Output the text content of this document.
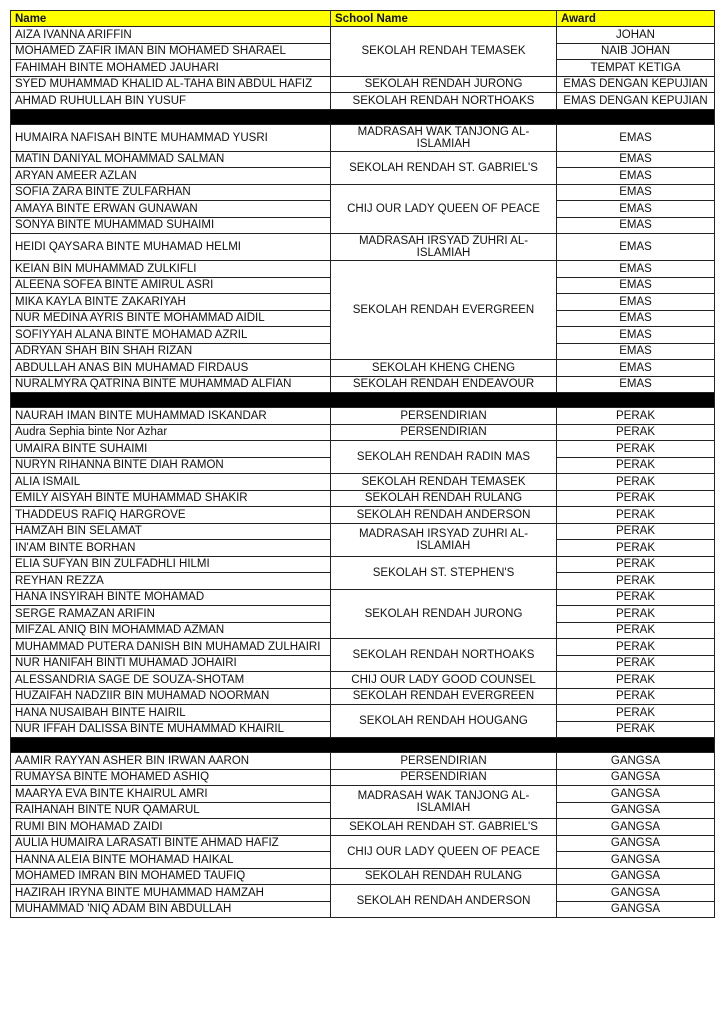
Name	School Name	Award
AIZA IVANNA ARIFFIN	SEKOLAH RENDAH TEMASEK	JOHAN
MOHAMED ZAFIR IMAN BIN MOHAMED SHARAEL		NAIB JOHAN
FAHIMAH BINTE MOHAMED JAUHARI		TEMPAT KETIGA
SYED MUHAMMAD KHALID AL-TAHA BIN ABDUL HAFIZ	SEKOLAH RENDAH JURONG	EMAS DENGAN KEPUJIAN
AHMAD RUHULLAH BIN YUSUF	SEKOLAH RENDAH NORTHOAKS	EMAS DENGAN KEPUJIAN

HUMAIRA NAFISAH BINTE MUHAMMAD YUSRI	MADRASAH WAK TANJONG AL-ISLAMIAH	EMAS
MATIN DANIYAL MOHAMMAD SALMAN	SEKOLAH RENDAH ST. GABRIEL'S	EMAS
ARYAN AMEER AZLAN		EMAS
SOFIA ZARA BINTE ZULFARHAN	CHIJ OUR LADY QUEEN OF PEACE	EMAS
AMAYA BINTE ERWAN GUNAWAN		EMAS
SONYA BINTE MUHAMMAD SUHAIMI		EMAS
HEIDI QAYSARA BINTE MUHAMAD HELMI	MADRASAH IRSYAD ZUHRI AL-ISLAMIAH	EMAS
KEIAN BIN MUHAMMAD ZULKIFLI	SEKOLAH RENDAH EVERGREEN	EMAS
ALEENA SOFEA BINTE AMIRUL ASRI		EMAS
MIKA KAYLA BINTE ZAKARIYAH		EMAS
NUR MEDINA AYRIS BINTE MOHAMMAD AIDIL		EMAS
SOFIYYAH ALANA BINTE MOHAMAD AZRIL		EMAS
ADRYAN SHAH BIN SHAH RIZAN		EMAS
ABDULLAH ANAS BIN MUHAMAD FIRDAUS	SEKOLAH KHENG CHENG	EMAS
NURALMYRA QATRINA BINTE MUHAMMAD ALFIAN	SEKOLAH RENDAH ENDEAVOUR	EMAS

NAURAH IMAN BINTE MUHAMMAD ISKANDAR	PERSENDIRIAN	PERAK
Audra Sephia binte Nor Azhar	PERSENDIRIAN	PERAK
UMAIRA BINTE SUHAIMI	SEKOLAH RENDAH RADIN MAS	PERAK
NURYN RIHANNA BINTE DIAH RAMON		PERAK
ALIA ISMAIL	SEKOLAH RENDAH TEMASEK	PERAK
EMILY AISYAH BINTE MUHAMMAD SHAKIR	SEKOLAH RENDAH RULANG	PERAK
THADDEUS RAFIQ HARGROVE	SEKOLAH RENDAH ANDERSON	PERAK
HAMZAH BIN SELAMAT	MADRASAH IRSYAD ZUHRI AL-ISLAMIAH	PERAK
IN'AM BINTE BORHAN		PERAK
ELIA SUFYAN BIN ZULFADHLI HILMI	SEKOLAH ST. STEPHEN'S	PERAK
REYHAN REZZA		PERAK
HANA INSYIRAH BINTE MOHAMAD	SEKOLAH RENDAH JURONG	PERAK
SERGE RAMAZAN ARIFIN		PERAK
MIFZAL ANIQ BIN MOHAMMAD AZMAN		PERAK
MUHAMMAD PUTERA DANISH BIN MUHAMAD ZULHAIRI	SEKOLAH RENDAH NORTHOAKS	PERAK
NUR HANIFAH BINTI MUHAMAD JOHAIRI		PERAK
ALESSANDRIA SAGE DE SOUZA-SHOTAM	CHIJ OUR LADY GOOD COUNSEL	PERAK
HUZAIFAH NADZIIR BIN MUHAMAD NOORMAN	SEKOLAH RENDAH EVERGREEN	PERAK
HANA NUSAIBAH BINTE HAIRIL	SEKOLAH RENDAH HOUGANG	PERAK
NUR IFFAH DALISSA BINTE MUHAMMAD KHAIRIL		PERAK

AAMIR RAYYAN ASHER BIN IRWAN AARON	PERSENDIRIAN	GANGSA
RUMAYSA BINTE MOHAMED ASHIQ	PERSENDIRIAN	GANGSA
MAARYA EVA BINTE KHAIRUL AMRI	MADRASAH WAK TANJONG AL-ISLAMIAH	GANGSA
RAIHANAH BINTE NUR QAMARUL		GANGSA
RUMI BIN MOHAMAD ZAIDI	SEKOLAH RENDAH ST. GABRIEL'S	GANGSA
AULIA HUMAIRA LARASATI BINTE AHMAD HAFIZ	CHIJ OUR LADY QUEEN OF PEACE	GANGSA
HANNA ALEIA BINTE MOHAMAD HAIKAL		GANGSA
MOHAMED IMRAN BIN MOHAMED TAUFIQ	SEKOLAH RENDAH RULANG	GANGSA
HAZIRAH IRYNA BINTE MUHAMMAD HAMZAH	SEKOLAH RENDAH ANDERSON	GANGSA
MUHAMMAD 'NIQ ADAM BIN ABDULLAH		GANGSA
